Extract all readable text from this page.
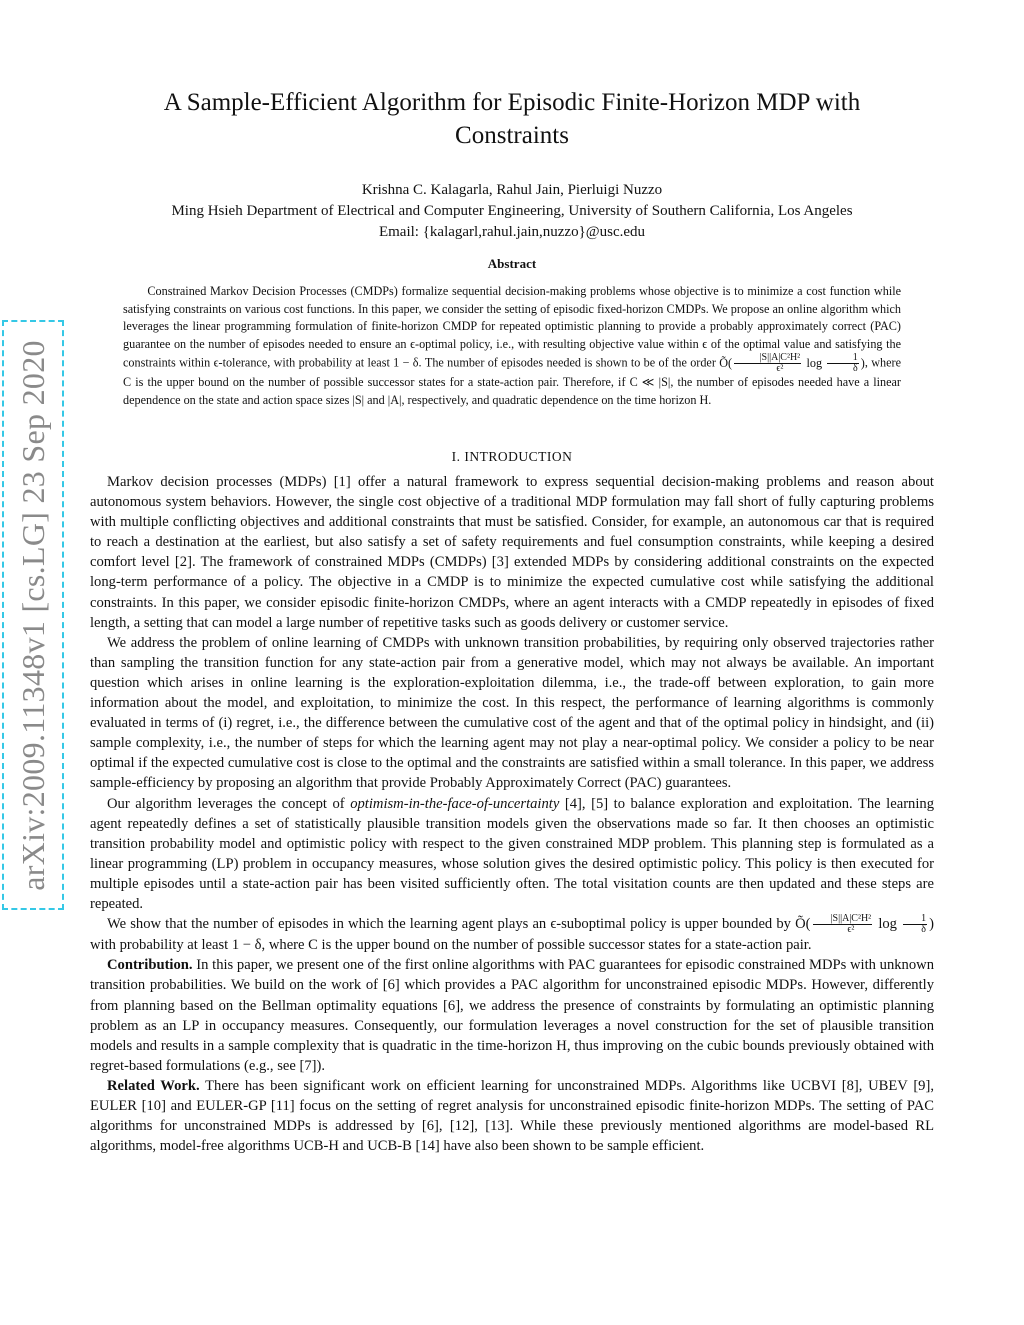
arXiv:2009.11348v1 [cs.LG] 23 Sep 2020
A Sample-Efficient Algorithm for Episodic Finite-Horizon MDP with Constraints
Krishna C. Kalagarla, Rahul Jain, Pierluigi Nuzzo
Ming Hsieh Department of Electrical and Computer Engineering, University of Southern California, Los Angeles
Email: {kalagarl,rahul.jain,nuzzo}@usc.edu
Abstract

Constrained Markov Decision Processes (CMDPs) formalize sequential decision-making problems whose objective is to minimize a cost function while satisfying constraints on various cost functions. In this paper, we consider the setting of episodic fixed-horizon CMDPs. We propose an online algorithm which leverages the linear programming formulation of finite-horizon CMDP for repeated optimistic planning to provide a probably approximately correct (PAC) guarantee on the number of episodes needed to ensure an ϵ-optimal policy, i.e., with resulting objective value within ϵ of the optimal value and satisfying the constraints within ϵ-tolerance, with probability at least 1 − δ. The number of episodes needed is shown to be of the order Õ( $\frac{\text{|S||A|C²H²}}{\text{ϵ²}}$ $\log \frac{1}{\delta}$ ), where C is the upper bound on the number of possible successor states for a state-action pair. Therefore, if C ≪ |S|, the number of episodes needed have a linear dependence on the state and action space sizes |S| and |A|, respectively, and quadratic dependence on the time horizon H.

I. INTRODUCTION

Markov decision processes (MDPs) [1] offer a natural framework to express sequential decision-making problems and reason about autonomous system behaviors. However, the single cost objective of a traditional MDP formulation may fall short of fully capturing problems with multiple conflicting objectives and additional constraints that must be satisfied. Consider, for example, an autonomous car that is required to reach a destination at the earliest, but also satisfy a set of safety requirements and fuel consumption constraints, while keeping a desired comfort level [2]. The framework of constrained MDPs (CMDPs) [3] extended MDPs by considering additional constraints on the expected long-term performance of a policy. The objective in a CMDP is to minimize the expected cumulative cost while satisfying the additional constraints. In this paper, we consider episodic finite-horizon CMDPs, where an agent interacts with a CMDP repeatedly in episodes of fixed length, a setting that can model a large number of repetitive tasks such as goods delivery or customer service.

We address the problem of online learning of CMDPs with unknown transition probabilities, by requiring only observed trajectories rather than sampling the transition function for any state-action pair from a generative model, which may not always be available. An important question which arises in online learning is the exploration-exploitation dilemma, i.e., the trade-off between exploration, to gain more information about the model, and exploitation, to minimize the cost. In this respect, the performance of learning algorithms is commonly evaluated in terms of (i) regret, i.e., the difference between the cumulative cost of the agent and that of the optimal policy in hindsight, and (ii) sample complexity, i.e., the number of steps for which the learning agent may not play a near-optimal policy. We consider a policy to be near optimal if the expected cumulative cost is close to the optimal and the constraints are satisfied within a small tolerance. In this paper, we address sample-efficiency by proposing an algorithm that provide Probably Approximately Correct (PAC) guarantees.

Our algorithm leverages the concept of optimism-in-the-face-of-uncertainty [4], [5] to balance exploration and exploitation. The learning agent repeatedly defines a set of statistically plausible transition models given the observations made so far. It then chooses an optimistic transition probability model and optimistic policy with respect to the given constrained MDP problem. This planning step is formulated as a linear programming (LP) problem in occupancy measures, whose solution gives the desired optimistic policy. This policy is then executed for multiple episodes until a state-action pair has been visited sufficiently often. The total visitation counts are then updated and these steps are repeated.

We show that the number of episodes in which the learning agent plays an ϵ-suboptimal policy is upper bounded by Õ( $\frac{\text{|S||A|C²H²}}{\text{ϵ²}}$ $\log \frac{1}{\delta}$ ) with probability at least 1 − δ, where C is the upper bound on the number of possible successor states for a state-action pair.

Contribution. In this paper, we present one of the first online algorithms with PAC guarantees for episodic constrained MDPs with unknown transition probabilities. We build on the work of [6] which provides a PAC algorithm for unconstrained episodic MDPs. However, differently from planning based on the Bellman optimality equations [6], we address the presence of constraints by formulating an optimistic planning problem as an LP in occupancy measures. Consequently, our formulation leverages a novel construction for the set of plausible transition models and results in a sample complexity that is quadratic in the time-horizon H, thus improving on the cubic bounds previously obtained with regret-based formulations (e.g., see [7]).

Related Work. There has been significant work on efficient learning for unconstrained MDPs. Algorithms like UCBVI [8], UBEV [9], EULER [10] and EULER-GP [11] focus on the setting of regret analysis for unconstrained episodic finite-horizon MDPs. The setting of PAC algorithms for unconstrained MDPs is addressed by [6], [12], [13]. While these previously mentioned algorithms are model-based RL algorithms, model-free algorithms UCB-H and UCB-B [14] have also been shown to be sample efficient.
